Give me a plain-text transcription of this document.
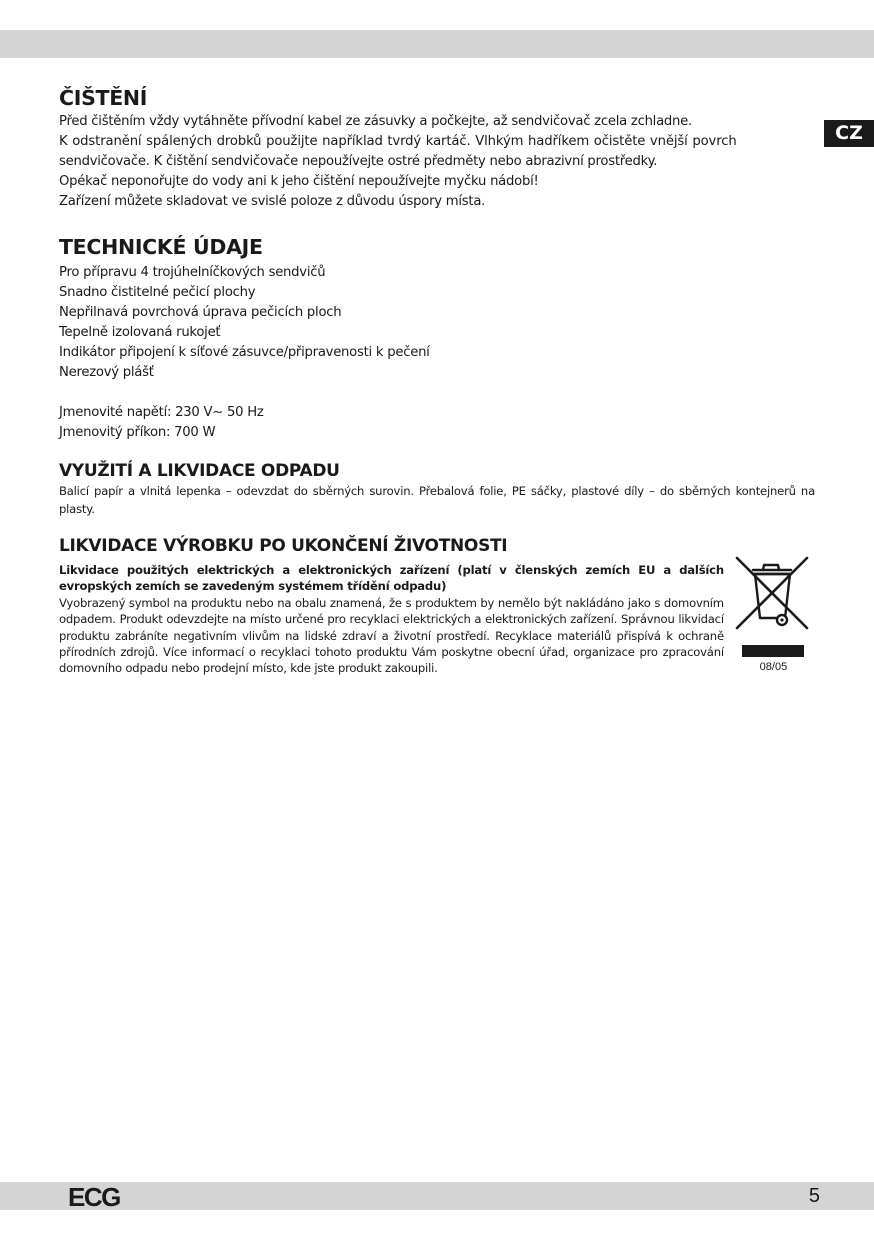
CZ
ČIŠTĚNÍ
Před čištěním vždy vytáhněte přívodní kabel ze zásuvky a počkejte, až sendvičovač zcela zchladne.
K odstranění spálených drobků použijte například tvrdý kartáč. Vlhkým hadříkem očistěte vnější povrch
sendvičovače. K čištění sendvičovače nepoužívejte ostré předměty nebo abrazivní prostředky.
Opékač neponořujte do vody ani k jeho čištění nepoužívejte myčku nádobí!
Zařízení můžete skladovat ve svislé poloze z důvodu úspory místa.
TECHNICKÉ ÚDAJE
Pro přípravu 4 trojúhelníčkových sendvičů
Snadno čistitelné pečicí plochy
Nepřilnavá povrchová úprava pečicích ploch
Tepelně izolovaná rukojeť
Indikátor připojení k síťové zásuvce/připravenosti k pečení
Nerezový plášť
Jmenovité napětí: 230 V~ 50 Hz
Jmenovitý příkon: 700 W
VYUŽITÍ A LIKVIDACE ODPADU
Balicí papír a vlnitá lepenka – odevzdat do sběrných surovin. Přebalová folie, PE sáčky, plastové díly – do sběrných kontejnerů na plasty.
LIKVIDACE VÝROBKU PO UKONČENÍ ŽIVOTNOSTI
Likvidace použitých elektrických a elektronických zařízení (platí v členských zemích EU a dalších evropských zemích se zavedeným systémem třídění odpadu)
Vyobrazený symbol na produktu nebo na obalu znamená, že s produktem by nemělo být nakládáno jako s domovním odpadem. Produkt odevzdejte na místo určené pro recyklaci elektrických a elektronických zařízení. Správnou likvidací produktu zabráníte negativním vlivům na lidské zdraví a životní prostředí. Recyklace materiálů přispívá k ochraně přírodních zdrojů. Více informací o recyklaci tohoto produktu Vám poskytne obecní úřad, organizace pro zpracování domovního odpadu nebo prodejní místo, kde jste produkt zakoupili.	08/05
ECG	5
